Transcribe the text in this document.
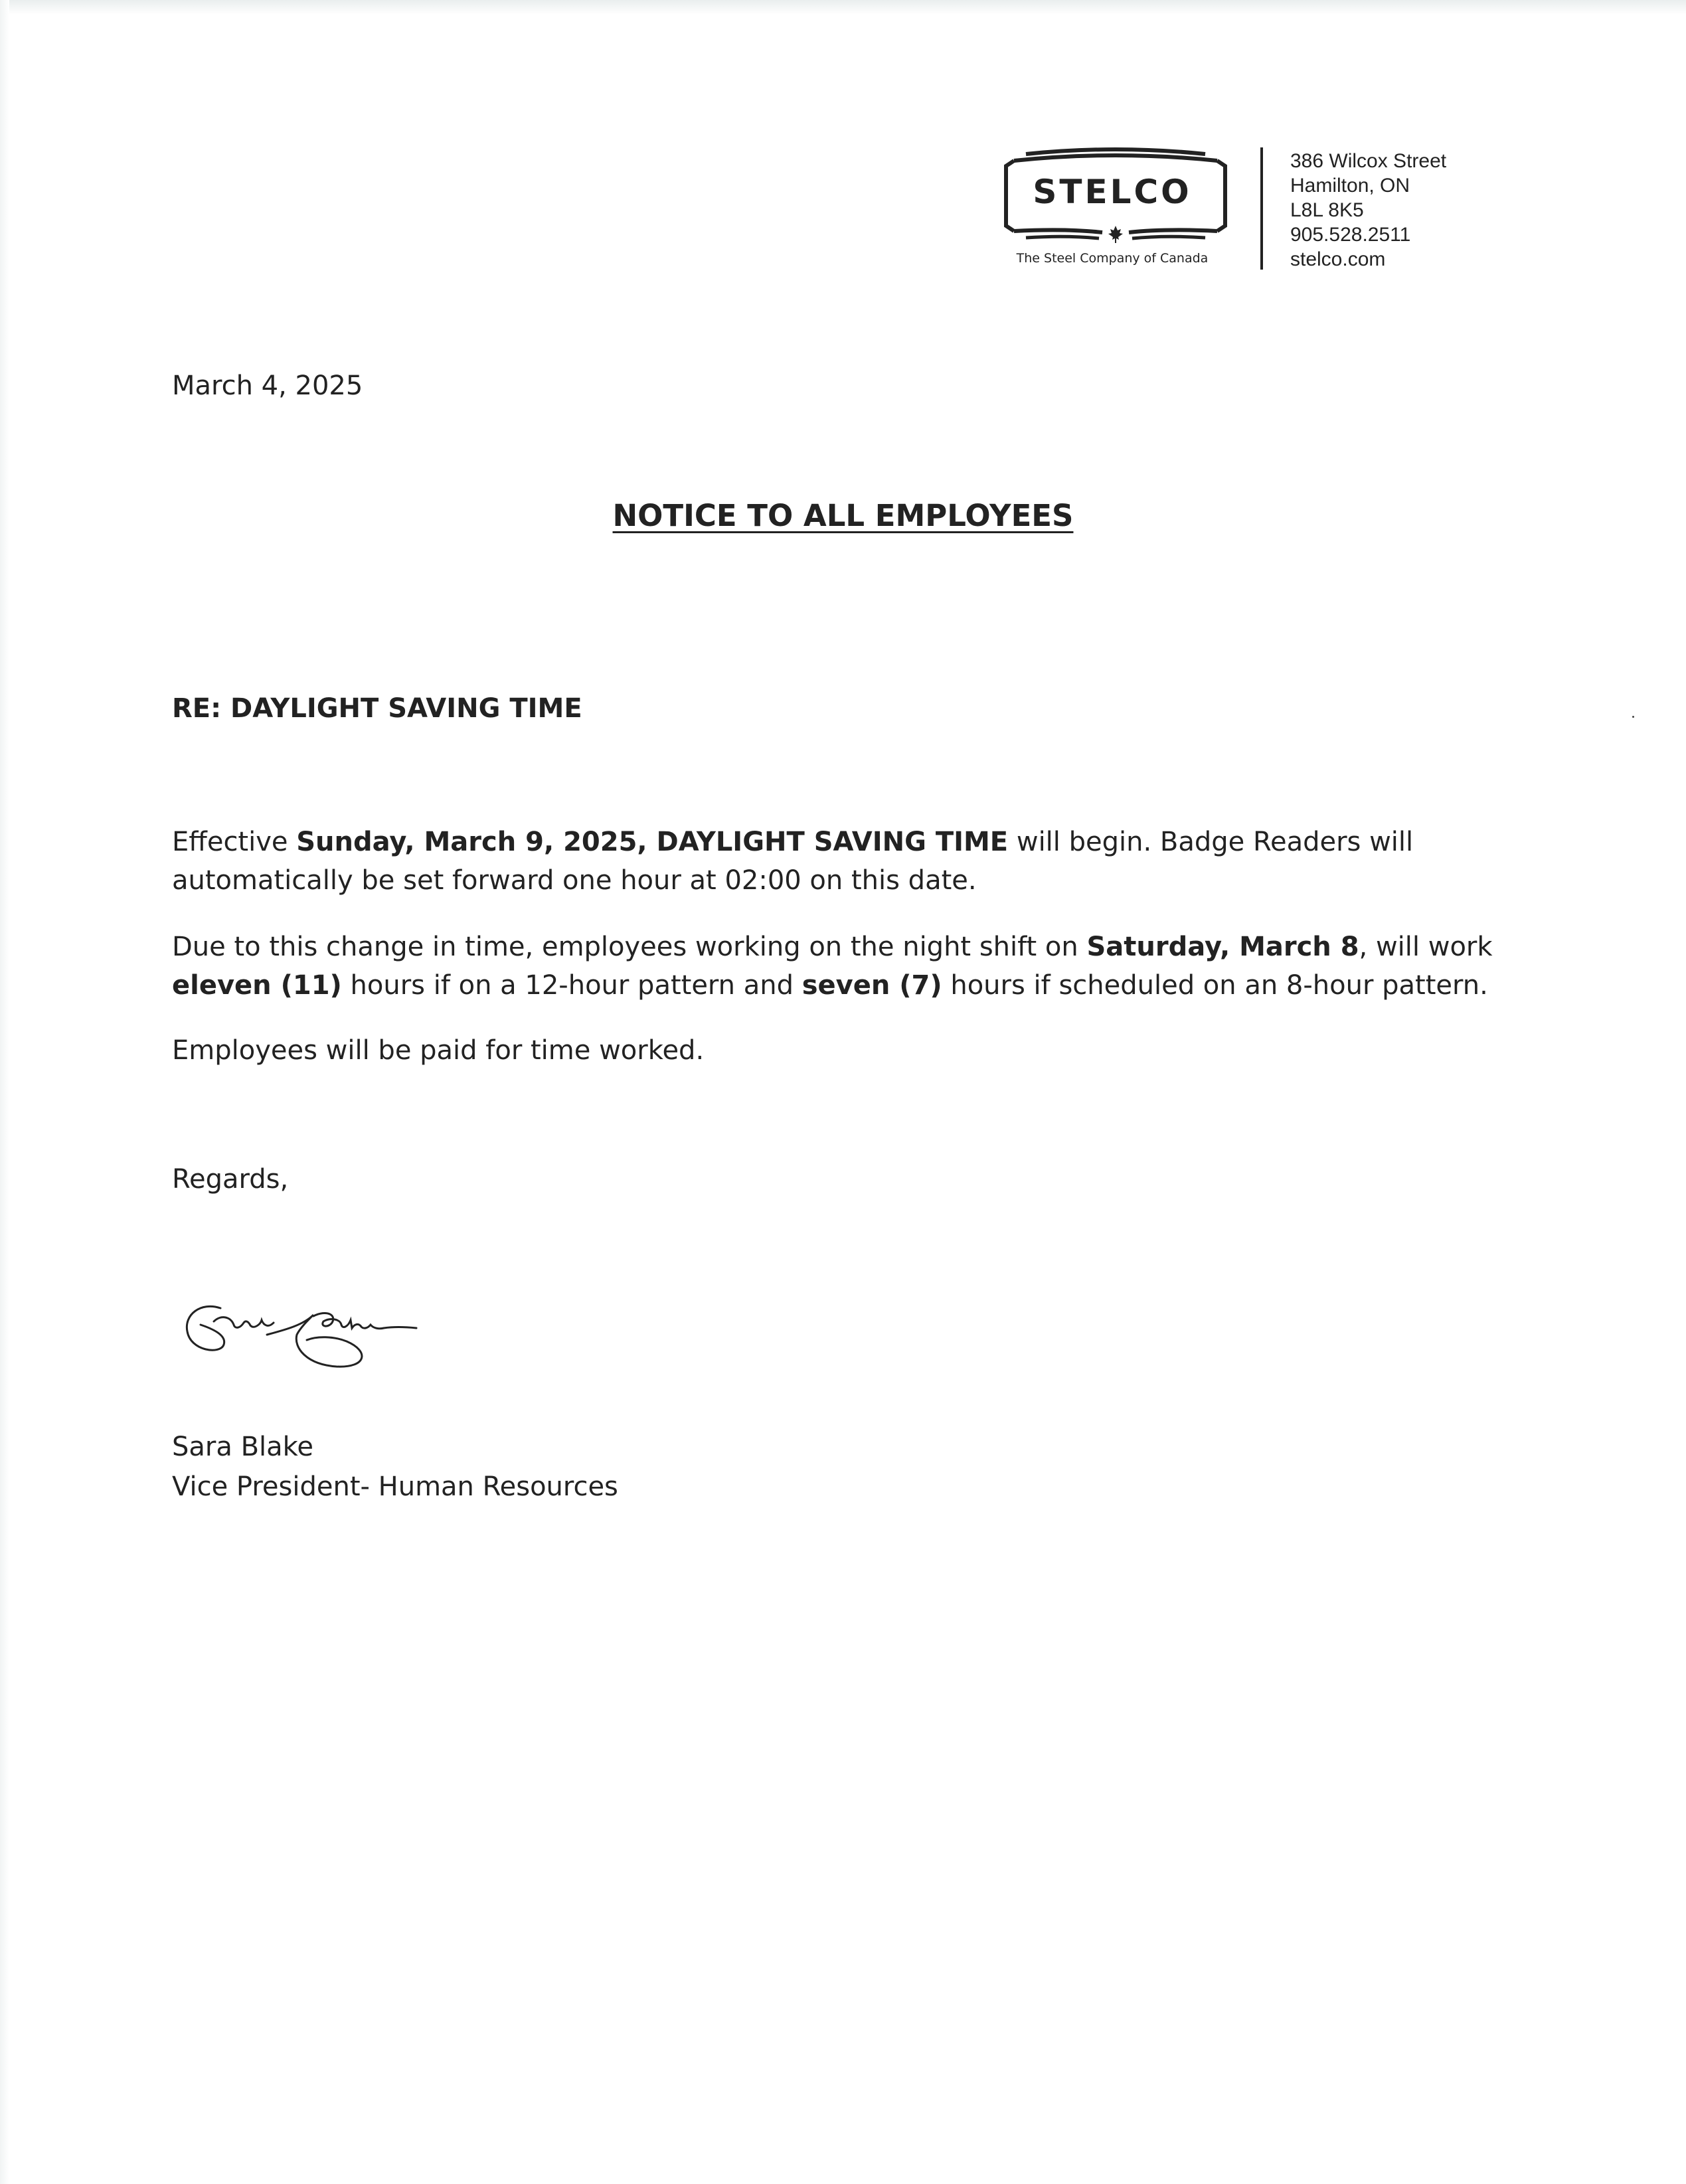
STELCO
The Steel Company of Canada
386 Wilcox Street
Hamilton, ON
L8L 8K5
905.528.2511
stelco.com
March 4, 2025
NOTICE TO ALL EMPLOYEES
RE: DAYLIGHT SAVING TIME
Effective Sunday, March 9, 2025, DAYLIGHT SAVING TIME will begin. Badge Readers will automatically be set forward one hour at 02:00 on this date.
Due to this change in time, employees working on the night shift on Saturday, March 8, will work
eleven (11) hours if on a 12-hour pattern and seven (7) hours if scheduled on an 8-hour pattern.
Employees will be paid for time worked.
Regards,
Sara Blake
Vice President- Human Resources
